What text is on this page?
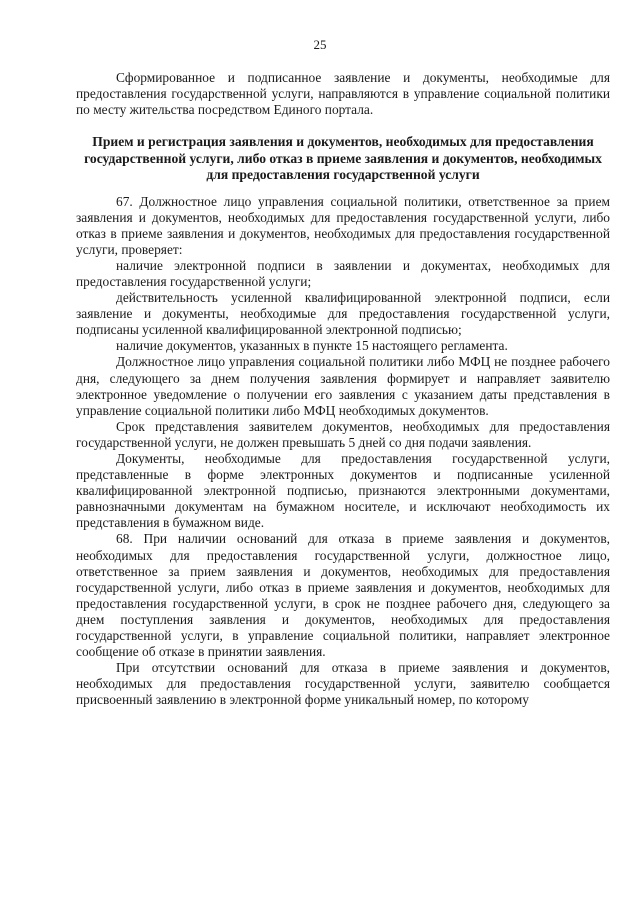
25

Сформированное и подписанное заявление и документы, необходимые для предоставления государственной услуги, направляются в управление социальной политики по месту жительства посредством Единого портала.

Прием и регистрация заявления и документов, необходимых для предоставления государственной услуги, либо отказ в приеме заявления и документов, необходимых для предоставления государственной услуги

67. Должностное лицо управления социальной политики, ответственное за прием заявления и документов, необходимых для предоставления государственной услуги, либо отказ в приеме заявления и документов, необходимых для предоставления государственной услуги, проверяет:

наличие электронной подписи в заявлении и документах, необходимых для предоставления государственной услуги;

действительность усиленной квалифицированной электронной подписи, если заявление и документы, необходимые для предоставления государственной услуги, подписаны усиленной квалифицированной электронной подписью;

наличие документов, указанных в пункте 15 настоящего регламента.

Должностное лицо управления социальной политики либо МФЦ не позднее рабочего дня, следующего за днем получения заявления формирует и направляет заявителю электронное уведомление о получении его заявления с указанием даты представления в управление социальной политики либо МФЦ необходимых документов.

Срок представления заявителем документов, необходимых для предоставления государственной услуги, не должен превышать 5 дней со дня подачи заявления.

Документы, необходимые для предоставления государственной услуги, представленные в форме электронных документов и подписанные усиленной квалифицированной электронной подписью, признаются электронными документами, равнозначными документам на бумажном носителе, и исключают необходимость их представления в бумажном виде.

68. При наличии оснований для отказа в приеме заявления и документов, необходимых для предоставления государственной услуги, должностное лицо, ответственное за прием заявления и документов, необходимых для предоставления государственной услуги, либо отказ в приеме заявления и документов, необходимых для предоставления государственной услуги, в срок не позднее рабочего дня, следующего за днем поступления заявления и документов, необходимых для предоставления государственной услуги, в управление социальной политики, направляет электронное сообщение об отказе в принятии заявления.

При отсутствии оснований для отказа в приеме заявления и документов, необходимых для предоставления государственной услуги, заявителю сообщается присвоенный заявлению в электронной форме уникальный номер, по которому
